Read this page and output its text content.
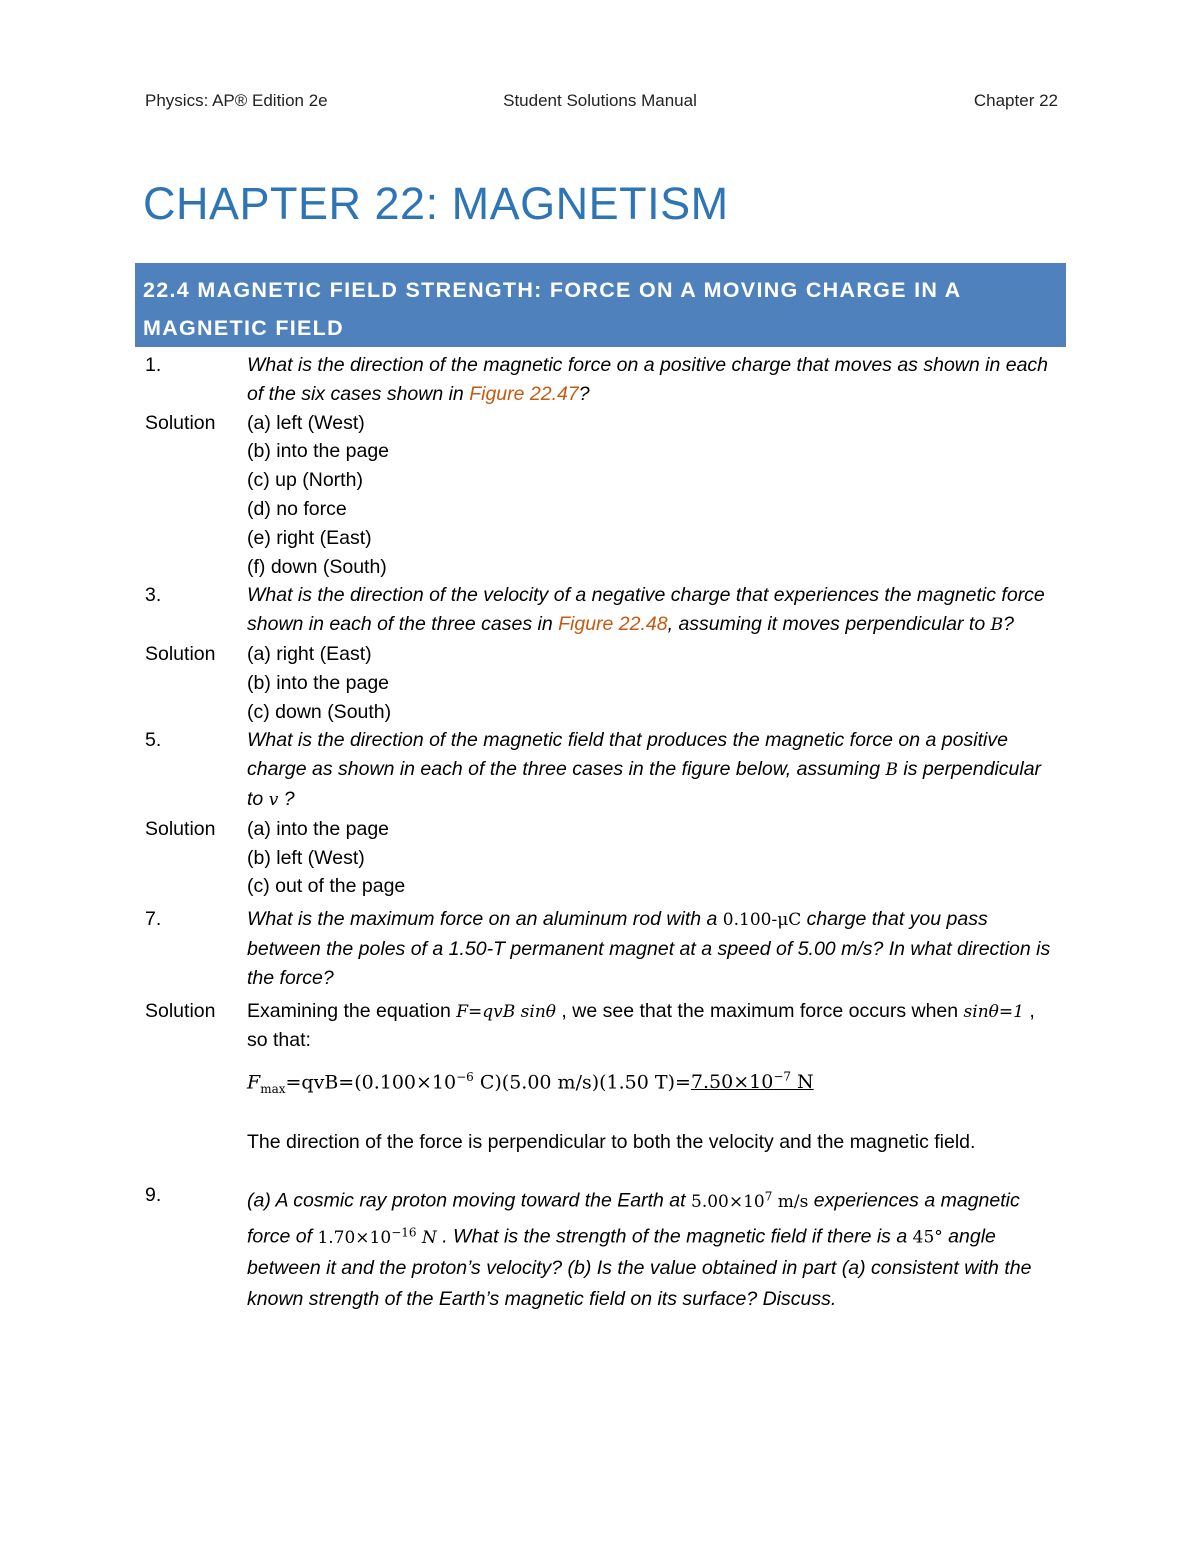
Student Solutions Manual
Physics: AP® Edition 2e	Chapter 22
CHAPTER 22: MAGNETISM
22.4 MAGNETIC FIELD STRENGTH: FORCE ON A MOVING CHARGE IN A MAGNETIC FIELD
1.	What is the direction of the magnetic force on a positive charge that moves as shown in each of the six cases shown in Figure 22.47?
Solution	(a) left (West)
(b) into the page
(c) up (North)
(d) no force
(e) right (East)
(f) down (South)
3.	What is the direction of the velocity of a negative charge that experiences the magnetic force shown in each of the three cases in Figure 22.48, assuming it moves perpendicular to B?
Solution	(a) right (East)
(b) into the page
(c) down (South)
5.	What is the direction of the magnetic field that produces the magnetic force on a positive charge as shown in each of the three cases in the figure below, assuming B is perpendicular to v ?
Solution	(a) into the page
(b) left (West)
(c) out of the page
7.	What is the maximum force on an aluminum rod with a 0.100-μC charge that you pass between the poles of a 1.50-T permanent magnet at a speed of 5.00 m/s? In what direction is the force?
Solution	Examining the equation F=qvB sinθ , we see that the maximum force occurs when sinθ=1 , so that:
$F_{max}=qvB=(0.100\times 10^{-6}$ C)(5.00 m/s)(1.50 $T)=7.50\times 10^{-7}$ N
The direction of the force is perpendicular to both the velocity and the magnetic field.
9.	(a) A cosmic ray proton moving toward the Earth at $5.00\times 10^7$ m/s experiences a magnetic force of $1.70\times 10^{-16}$ N . What is the strength of the magnetic field if there is a 45° angle between it and the proton’s velocity? (b) Is the value obtained in part (a) consistent with the known strength of the Earth’s magnetic field on its surface? Discuss.
